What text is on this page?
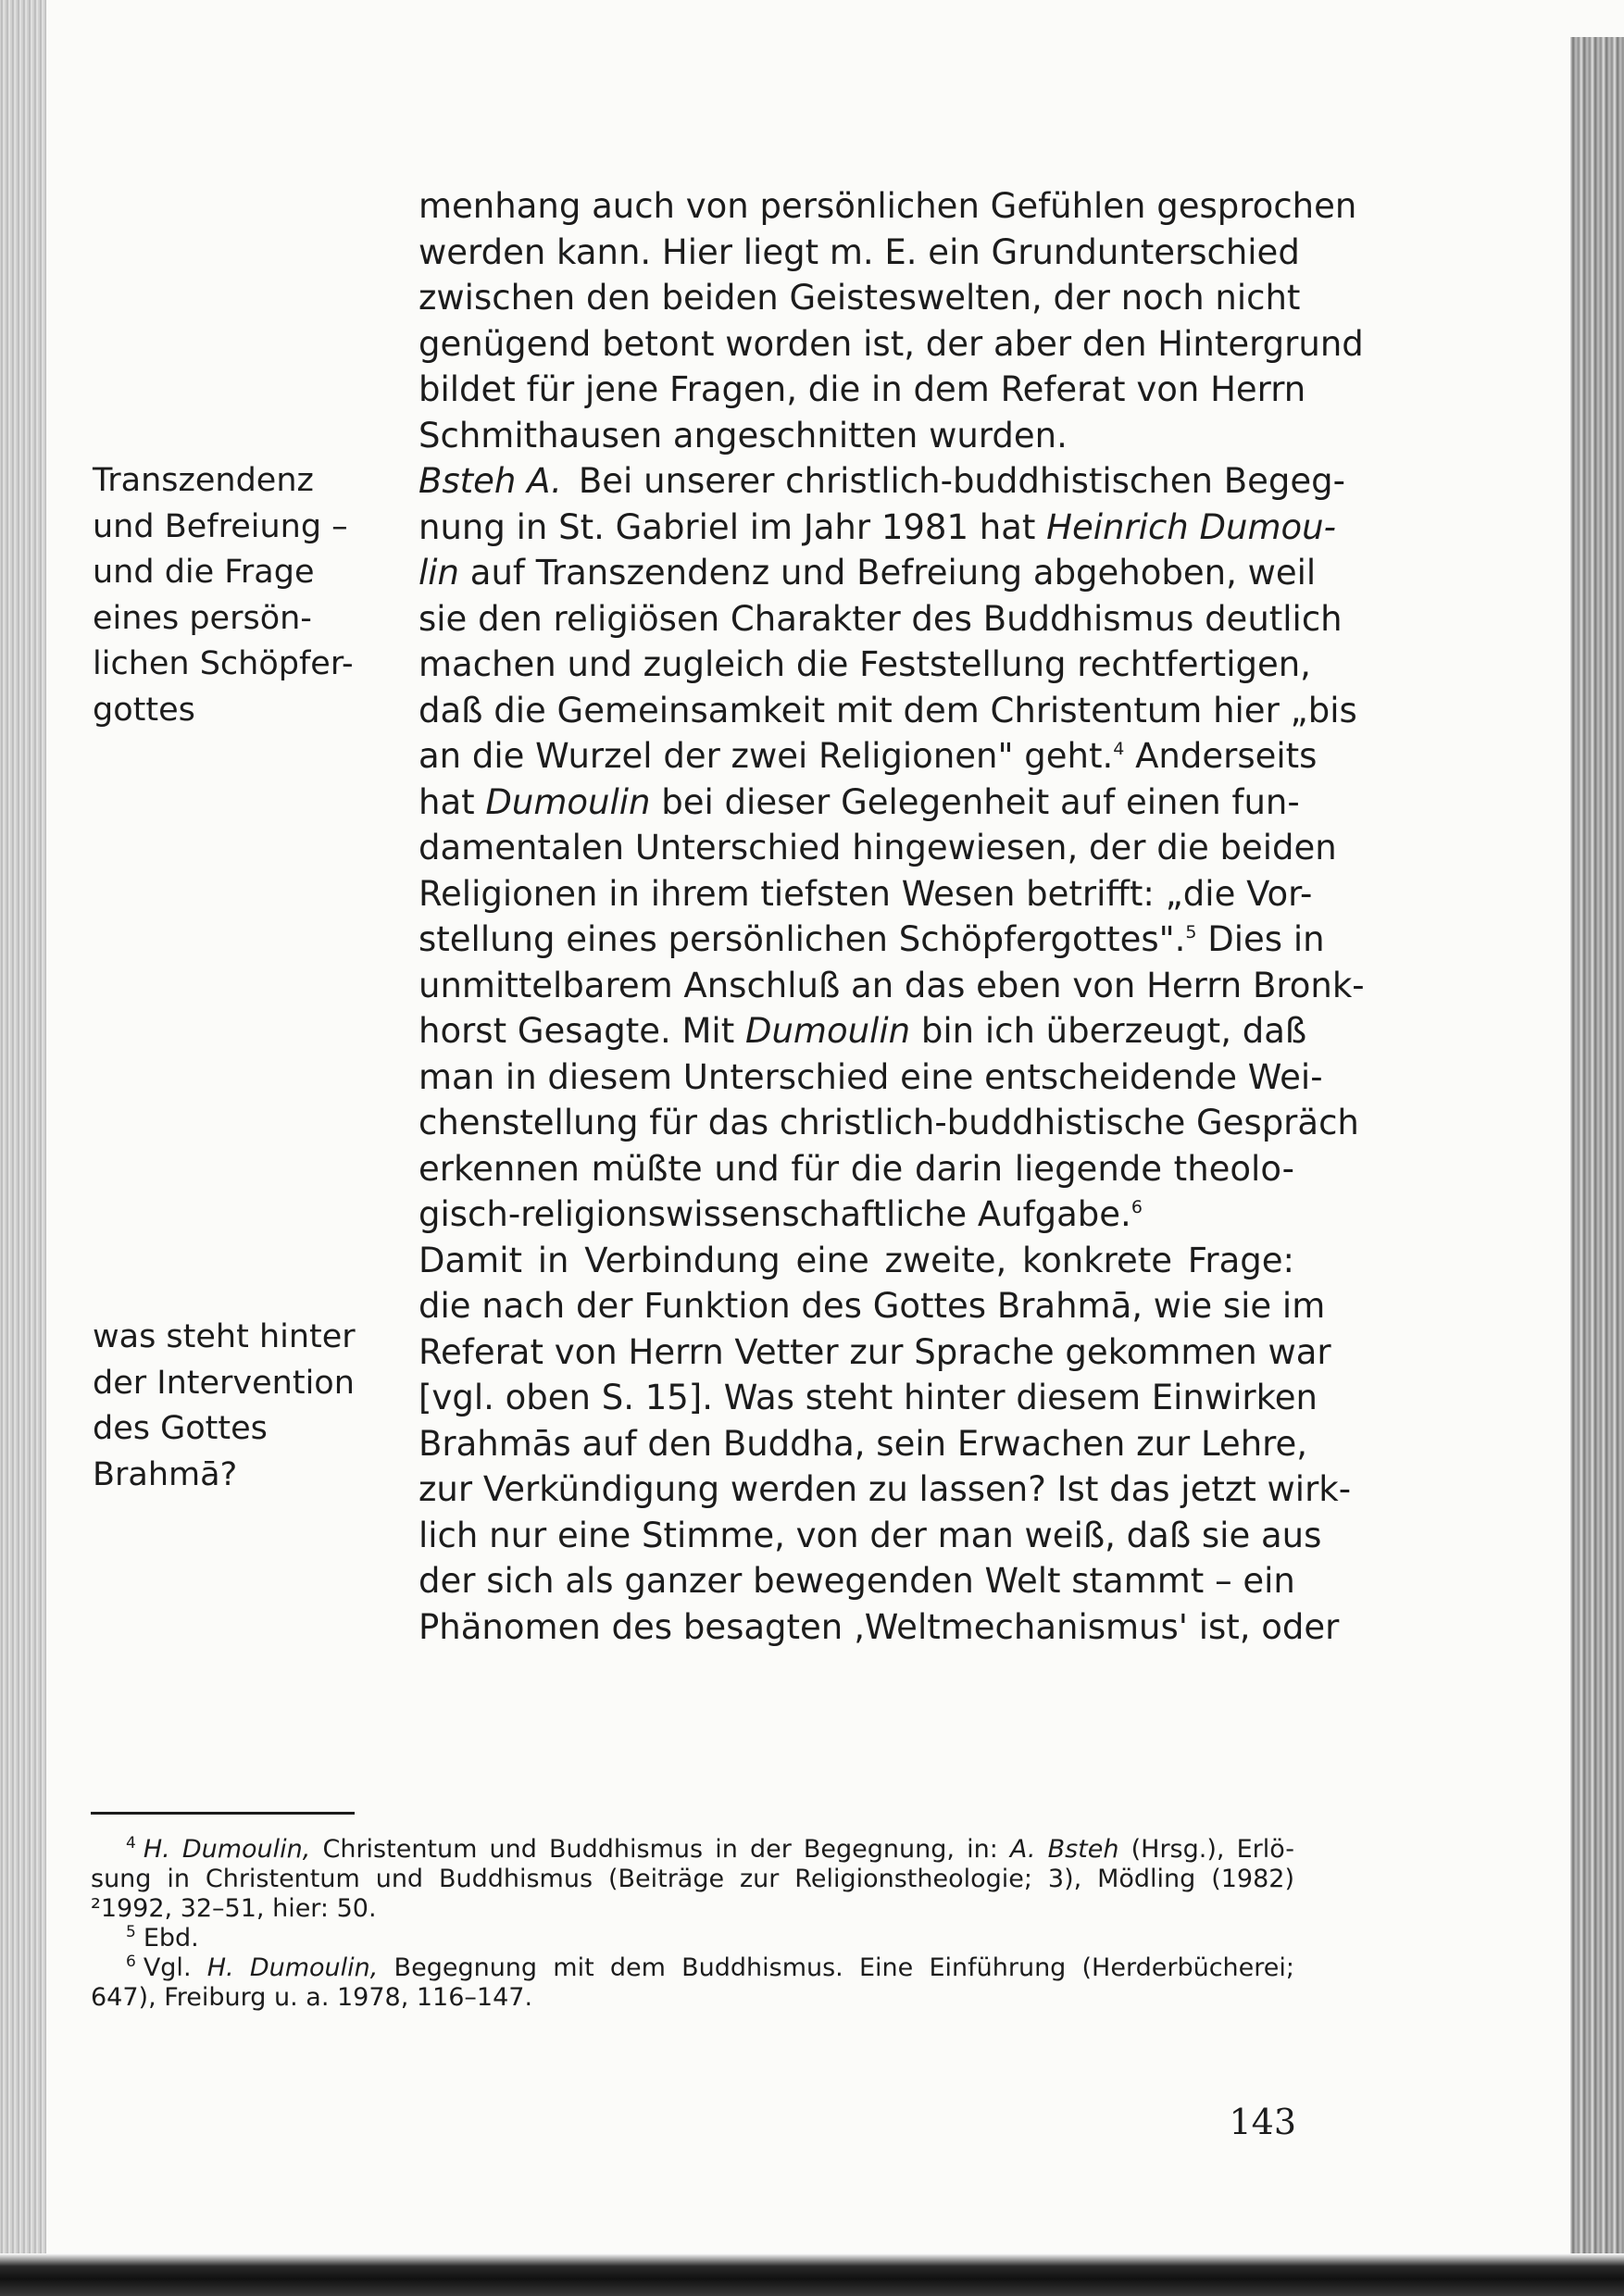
menhang auch von persönlichen Gefühlen gesprochen
werden kann. Hier liegt m. E. ein Grundunterschied
zwischen den beiden Geisteswelten, der noch nicht
genügend betont worden ist, der aber den Hintergrund
bildet für jene Fragen, die in dem Referat von Herrn
Schmithausen angeschnitten wurden.
Bsteh A. Bei unserer christlich-buddhistischen Begeg-
nung in St. Gabriel im Jahr 1981 hat Heinrich Dumou-
lin auf Transzendenz und Befreiung abgehoben, weil
sie den religiösen Charakter des Buddhismus deutlich
machen und zugleich die Feststellung rechtfertigen,
daß die Gemeinsamkeit mit dem Christentum hier „bis
an die Wurzel der zwei Religionen" geht.$^4$ Anderseits
hat Dumoulin bei dieser Gelegenheit auf einen fun-
damentalen Unterschied hingewiesen, der die beiden
Religionen in ihrem tiefsten Wesen betrifft: „die Vor-
stellung eines persönlichen Schöpfergottes".$^5$ Dies in
unmittelbarem Anschluß an das eben von Herrn Bronk-
horst Gesagte. Mit Dumoulin bin ich überzeugt, daß
man in diesem Unterschied eine entscheidende Wei-
chenstellung für das christlich-buddhistische Gespräch
erkennen müßte und für die darin liegende theolo-
gisch-religionswissenschaftliche Aufgabe.$^6$
Damit in Verbindung eine zweite, konkrete Frage:
die nach der Funktion des Gottes Brahmā, wie sie im
Referat von Herrn Vetter zur Sprache gekommen war
[vgl. oben S. 15]. Was steht hinter diesem Einwirken
Brahmās auf den Buddha, sein Erwachen zur Lehre,
zur Verkündigung werden zu lassen? Ist das jetzt wirk-
lich nur eine Stimme, von der man weiß, daß sie aus
der sich als ganzer bewegenden Welt stammt – ein
Phänomen des besagten ‚Weltmechanismus' ist, oder
Transzendenz
und Befreiung –
und die Frage
eines persön-
lichen Schöpfer-
gottes
was steht hinter
der Intervention
des Gottes
Brahmā?
$^4$ H. Dumoulin, Christentum und Buddhismus in der Begegnung, in: A. Bsteh (Hrsg.), Erlö-
sung in Christentum und Buddhismus (Beiträge zur Religionstheologie; 3), Mödling (1982)
²1992, 32–51, hier: 50.
$^5$ Ebd.
$^6$ Vgl. H. Dumoulin, Begegnung mit dem Buddhismus. Eine Einführung (Herderbücherei;
647), Freiburg u. a. 1978, 116–147.
143
